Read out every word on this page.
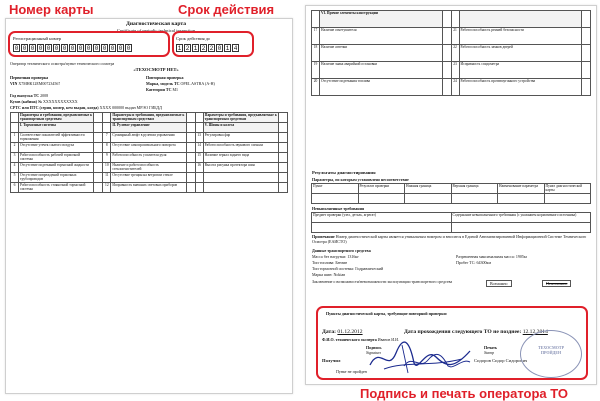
Номер карты	Срок действия
Подпись и печать оператора ТО
Диагностическая карта
Certificate of periodic technical inspection
Регистрационный номер
0 0 0 0 0 0 0 0 0 0 0 0 0 0 0
Срок действия до
1 2 1 2 2 0 1 4
Оператор технического осмотра/пункт технического осмотра
«ТЕХОСМОТР НЕТ»
Первичная проверка	Повторная проверка
VIN X7МНК12ЕМ007234567	Марка, модель ТС OPEL ASTRA (A-H)
Категория ТС M1
Год выпуска ТС 2008
Кузов (кабина) № XXXXXXXXXXXX
СРТС или ПТС (серия, номер, кем выдан, когда) XXXX 000000 выдан МРЭО ГИБДД
	Параметры и требования, предъявляемые к транспортным средствам			Параметры и требования, предъявляемые к транспортным средствам			Параметры и требования, предъявляемые к транспортным средствам	
	I. Тормозные системы			II. Рулевое управление			V. Шины и колеса	
1	Соответствие показателей эффективности торможения		7	Суммарный люфт в рулевом управлении		13	Регулировка фар	
2	Отсутствие утечек сжатого воздуха		8	Отсутствие самопроизвольного поворота		14	Работоспособность звукового сигнала	
3	Работоспособность рабочей тормозной системы		9	Работоспособность усилителя руля		15	Наличие зеркал заднего вида	
4	Отсутствие подтеканий тормозной жидкости		10	Наличие и работоспособность стеклоочистителей		16	Высота рисунка протектора шин	
5	Отсутствие повреждений тормозных трубопроводов		11	Отсутствие трещин на ветровом стекле				
6	Работоспособность стояночной тормозной системы		12	Исправность внешних световых приборов				
	VI. Прочие элементы конструкции				
17	Наличие огнетушителя		21	Работоспособность ремней безопасности	
18	Наличие аптечки		22	Работоспособность замков дверей	
19	Наличие знака аварийной остановки		23	Исправность спидометра	
20	Отсутствие подтекания топлива		24	Работоспособность противоугонного устройства	
Результаты диагностирования
Параметры, по которым установлено несоответствие
Пункт	Результат проверки	Нижняя граница	Верхняя граница	Наименование параметра	Пункт диагностической карты

Невыполненные требования
Предмет проверки (узел, деталь, агрегат)	Содержание невыполненного требования (с указанием нормативного источника)

Примечание Номер диагностической карты является уникальным номером и вносится в Единой Автоматизированной Информационной Системе Технического Осмотра (ЕАИСТО)
Данные транспортного средства
Масса без нагрузки: 1316кг	Разрешенная максимальная масса: 1905кг
Тип топлива: Бензин	Пробег ТС: 64300км
Тип тормозной системы: Гидравлический
Марка шин: Nokian
Заключение о возможности/невозможности эксплуатации транспортного средства	Возможно	Невозможно
Пункты диагностической карты, требующие повторной проверки:
Дата: 01.12.2012	Дата прохождения следующего ТО не позднее: 12.12.2014
Ф.И.О. технического эксперта Иванов И.И.
Подпись
Signature
Печать
Stamp
Получил	Сидоров Сидор Сидорович
Пункт не пройден
ТЕХОСМОТР
ПРОЙДЕН
